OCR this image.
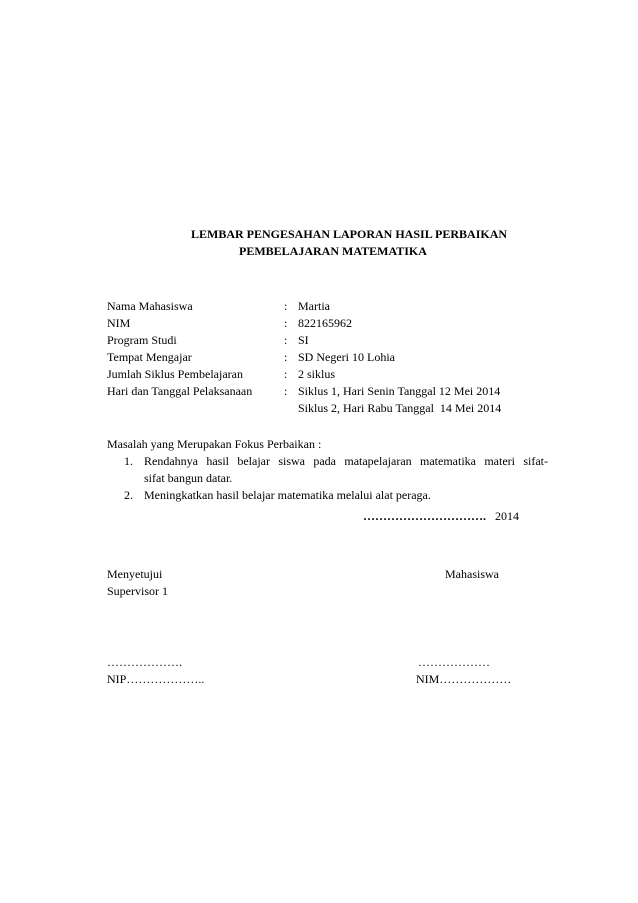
LEMBAR PENGESAHAN LAPORAN HASIL PERBAIKAN
PEMBELAJARAN MATEMATIKA
Nama Mahasiswa	: Martia
NIM	: 822165962
Program Studi	: SI
Tempat Mengajar	: SD Negeri 10 Lohia
Jumlah Siklus Pembelajaran	: 2 siklus
Hari dan Tanggal Pelaksanaan	: Siklus 1, Hari Senin Tanggal 12 Mei 2014
Siklus 2, Hari Rabu Tanggal  14 Mei 2014
Masalah yang Merupakan Fokus Perbaikan :
1. Rendahnya hasil belajar siswa pada matapelajaran matematika materi sifat-
sifat bangun datar.
2. Meningkatkan hasil belajar matematika melalui alat peraga.
…………………………. 2014
Menyetujui
Supervisor 1
Mahasiswa
……………….
NIP………………..
………………
NIM………………
